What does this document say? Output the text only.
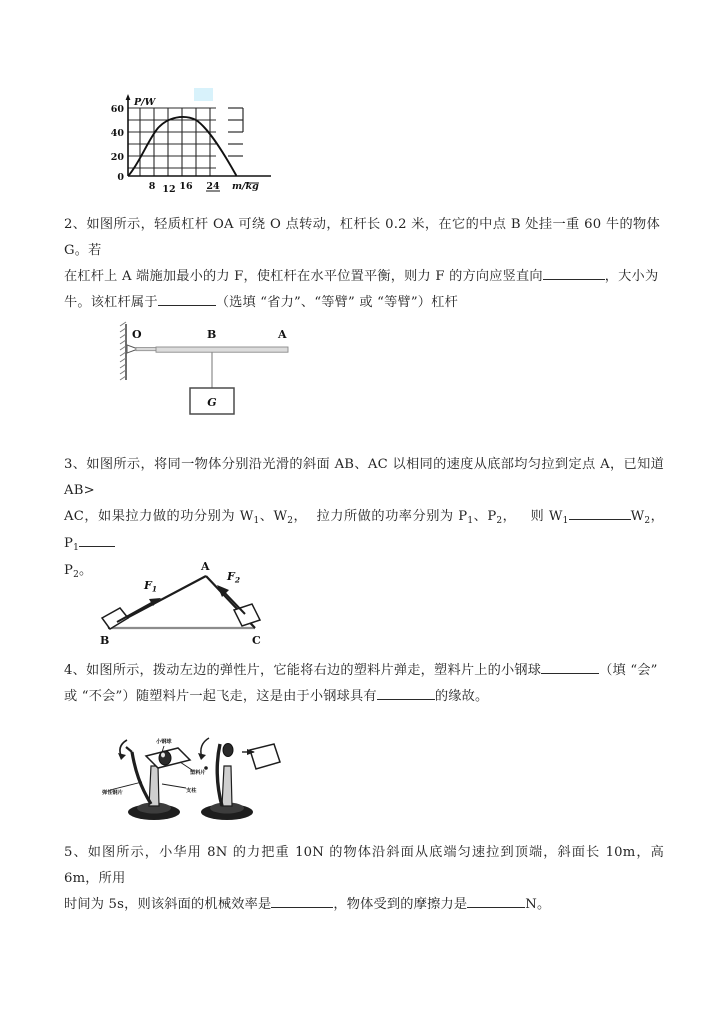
60
40
20
0
8 12 16 24
P/W
m/kg
2、如图所示，轻质杠杆 OA 可绕 O 点转动，杠杆长 0.2 米，在它的中点 B 处挂一重 60 牛的物体 G。若
在杠杆上 A 端施加最小的力 F，使杠杆在水平位置平衡，则力 F 的方向应竖直向	，大小为
牛。该杠杆属于	（选填 “省力”、“等臂” 或 “等臂”）杠杆
G
O	B	A
3、如图所示，将同一物体分别沿光滑的斜面 AB、AC 以相同的速度从底部均匀拉到定点 A，已知道 AB>
AC，如果拉力做的功分别为 $W_1$、$W_2$，  拉力所做的功率分别为 $P_1$、$P_2$，   则 $W_1$	$W_2$，   $P_1$
$P_2$。	A
B	C
$F_1$
$F_2$
4、如图所示，拨动左边的弹性片，它能将右边的塑料片弹走，塑料片上的小钢球	（填 “会”
或 “不会”）随塑料片一起飞走，这是由于小钢球具有	的缘故。
小钢球
塑料片
支柱
弹性钢片
5、如图所示，小华用 8N 的力把重 10N 的物体沿斜面从底端匀速拉到顶端，斜面长 10m，高 6m，所用
时间为 5s，则该斜面的机械效率是	，物体受到的摩擦力是	N。
